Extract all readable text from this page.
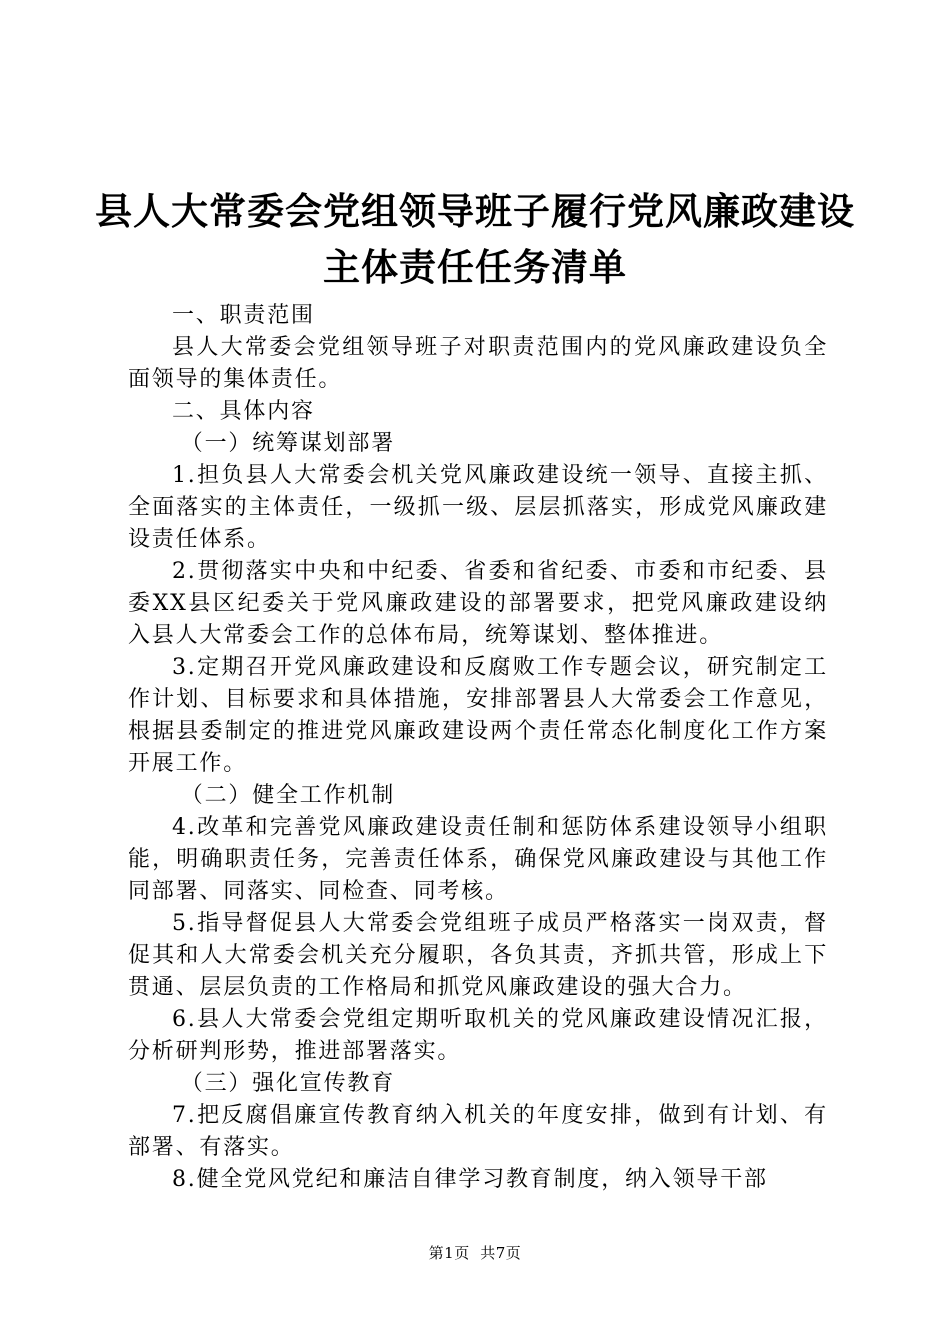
县人大常委会党组领导班子履行党风廉政建设
主体责任任务清单

一、职责范围

县人大常委会党组领导班子对职责范围内的党风廉政建设负全面领导的集体责任。

二、具体内容

（一）统筹谋划部署

1.担负县人大常委会机关党风廉政建设统一领导、直接主抓、全面落实的主体责任，一级抓一级、层层抓落实，形成党风廉政建设责任体系。

2.贯彻落实中央和中纪委、省委和省纪委、市委和市纪委、县委XX县区纪委关于党风廉政建设的部署要求，把党风廉政建设纳入县人大常委会工作的总体布局，统筹谋划、整体推进。

3.定期召开党风廉政建设和反腐败工作专题会议，研究制定工作计划、目标要求和具体措施，安排部署县人大常委会工作意见，根据县委制定的推进党风廉政建设两个责任常态化制度化工作方案开展工作。

（二）健全工作机制

4.改革和完善党风廉政建设责任制和惩防体系建设领导小组职能，明确职责任务，完善责任体系，确保党风廉政建设与其他工作同部署、同落实、同检查、同考核。

5.指导督促县人大常委会党组班子成员严格落实一岗双责，督促其和人大常委会机关充分履职，各负其责，齐抓共管，形成上下贯通、层层负责的工作格局和抓党风廉政建设的强大合力。

6.县人大常委会党组定期听取机关的党风廉政建设情况汇报，分析研判形势，推进部署落实。

（三）强化宣传教育

7.把反腐倡廉宣传教育纳入机关的年度安排，做到有计划、有部署、有落实。

8.健全党风党纪和廉洁自律学习教育制度，纳入领导干部

第1页 共7页
